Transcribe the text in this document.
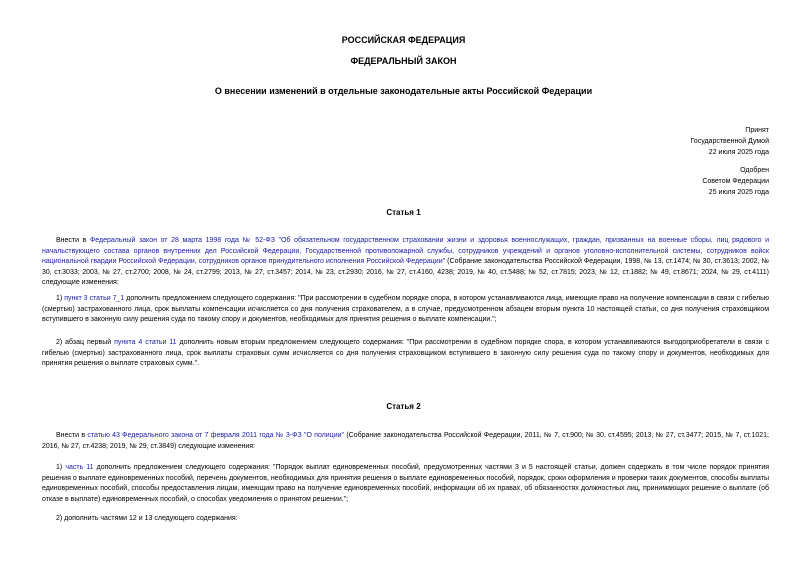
РОССИЙСКАЯ ФЕДЕРАЦИЯ
ФЕДЕРАЛЬНЫЙ ЗАКОН
О внесении изменений в отдельные законодательные акты Российской Федерации
Принят
Государственной Думой
22 июля 2025 года
Одобрен
Советом Федерации
25 июля 2025 года
Статья 1
Внести в Федеральный закон от 28 марта 1998 года № 52-ФЗ "Об обязательном государственном страховании жизни и здоровья военнослужащих, граждан, призванных на военные сборы, лиц рядового и начальствующего состава органов внутренних дел Российской Федерации, Государственной противопожарной службы, сотрудников учреждений и органов уголовно-исполнительной системы, сотрудников войск национальной гвардии Российской Федерации, сотрудников органов принудительного исполнения Российской Федерации" (Собрание законодательства Российской Федерации, 1998, № 13, ст.1474; № 30, ст.3613; 2002, № 30, ст.3033; 2003, № 27, ст.2700; 2008, № 24, ст.2799; 2013, № 27, ст.3457; 2014, № 23, ст.2930; 2016, № 27, ст.4160, 4238; 2019, № 40, ст.5488; № 52, ст.7815; 2023, № 12, ст.1882; № 49, ст.8671; 2024, № 29, ст.4111) следующие изменения:
1) пункт 3 статьи 7_1 дополнить предложением следующего содержания: "При рассмотрении в судебном порядке спора, в котором устанавливаются лица, имеющие право на получение компенсации в связи с гибелью (смертью) застрахованного лица, срок выплаты компенсации исчисляется со дня получения страхователем, а в случае, предусмотренном абзацем вторым пункта 10 настоящей статьи, со дня получения страховщиком вступившего в законную силу решения суда по такому спору и документов, необходимых для принятия решения о выплате компенсации.";
2) абзац первый пункта 4 статьи 11 дополнить новым вторым предложением следующего содержания: "При рассмотрении в судебном порядке спора, в котором устанавливаются выгодоприобретатели в связи с гибелью (смертью) застрахованного лица, срок выплаты страховых сумм исчисляется со дня получения страховщиком вступившего в законную силу решения суда по такому спору и документов, необходимых для принятия решения о выплате страховых сумм.".
Статья 2
Внести в статью 43 Федерального закона от 7 февраля 2011 года № 3-ФЗ "О полиции" (Собрание законодательства Российской Федерации, 2011, № 7, ст.900; № 30, ст.4595; 2013, № 27, ст.3477; 2015, № 7, ст.1021; 2016, № 27, ст.4238; 2019, № 29, ст.3849) следующие изменения:
1) часть 11 дополнить предложением следующего содержания: "Порядок выплат единовременных пособий, предусмотренных частями 3 и 5 настоящей статьи, должен содержать в том числе порядок принятия решения о выплате единовременных пособий, перечень документов, необходимых для принятия решения о выплате единовременных пособий, порядок, сроки оформления и проверки таких документов, способы выплаты единовременных пособий, способы предоставления лицам, имеющим право на получение единовременных пособий, информации об их правах, об обязанностях должностных лиц, принимающих решение о выплате (об отказе в выплате) единовременных пособий, о способах уведомления о принятом решении.";
2) дополнить частями 12 и 13 следующего содержания:
